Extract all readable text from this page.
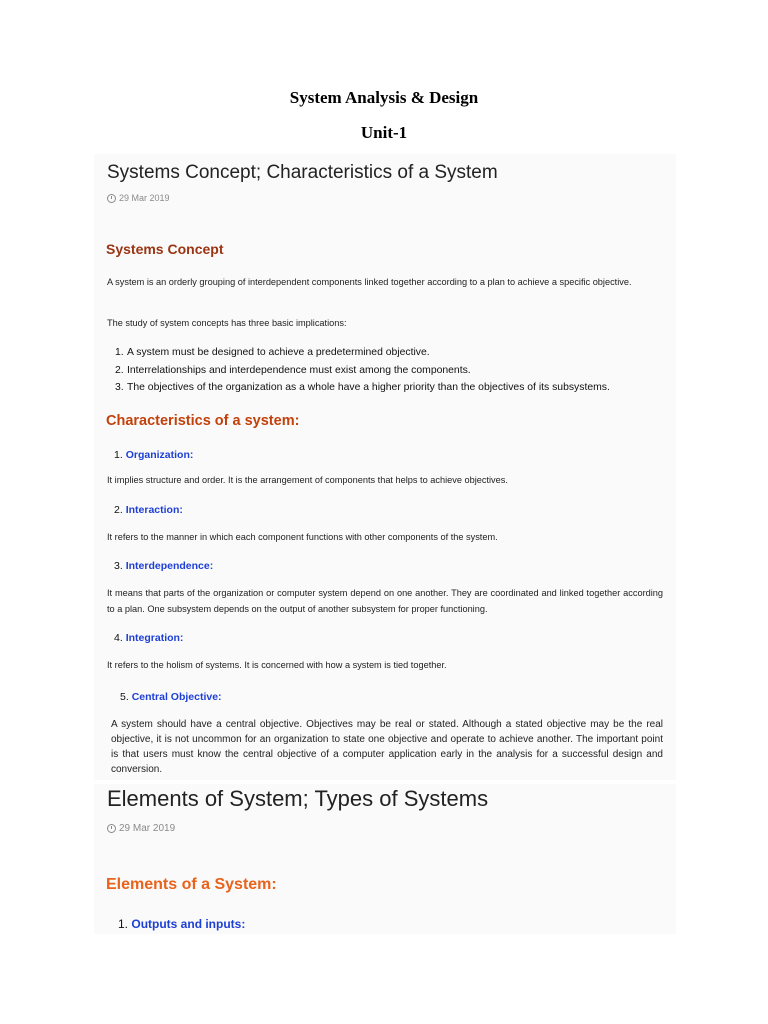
System Analysis & Design
Unit-1
Systems Concept; Characteristics of a System
29 Mar 2019
Systems Concept
A system is an orderly grouping of interdependent components linked together according to a plan to achieve a specific objective.
The study of system concepts has three basic implications:
1. A system must be designed to achieve a predetermined objective.
2. Interrelationships and interdependence must exist among the components.
3. The objectives of the organization as a whole have a higher priority than the objectives of its subsystems.
Characteristics of a system:
1. Organization:
It implies structure and order. It is the arrangement of components that helps to achieve objectives.
2. Interaction:
It refers to the manner in which each component functions with other components of the system.
3. Interdependence:
It means that parts of the organization or computer system depend on one another. They are coordinated and linked together according to a plan. One subsystem depends on the output of another subsystem for proper functioning.
4. Integration:
It refers to the holism of systems. It is concerned with how a system is tied together.
5. Central Objective:
A system should have a central objective. Objectives may be real or stated. Although a stated objective may be the real objective, it is not uncommon for an organization to state one objective and operate to achieve another. The important point is that users must know the central objective of a computer application early in the analysis for a successful design and conversion.
Elements of System; Types of Systems
29 Mar 2019
Elements of a System:
1. Outputs and inputs:
